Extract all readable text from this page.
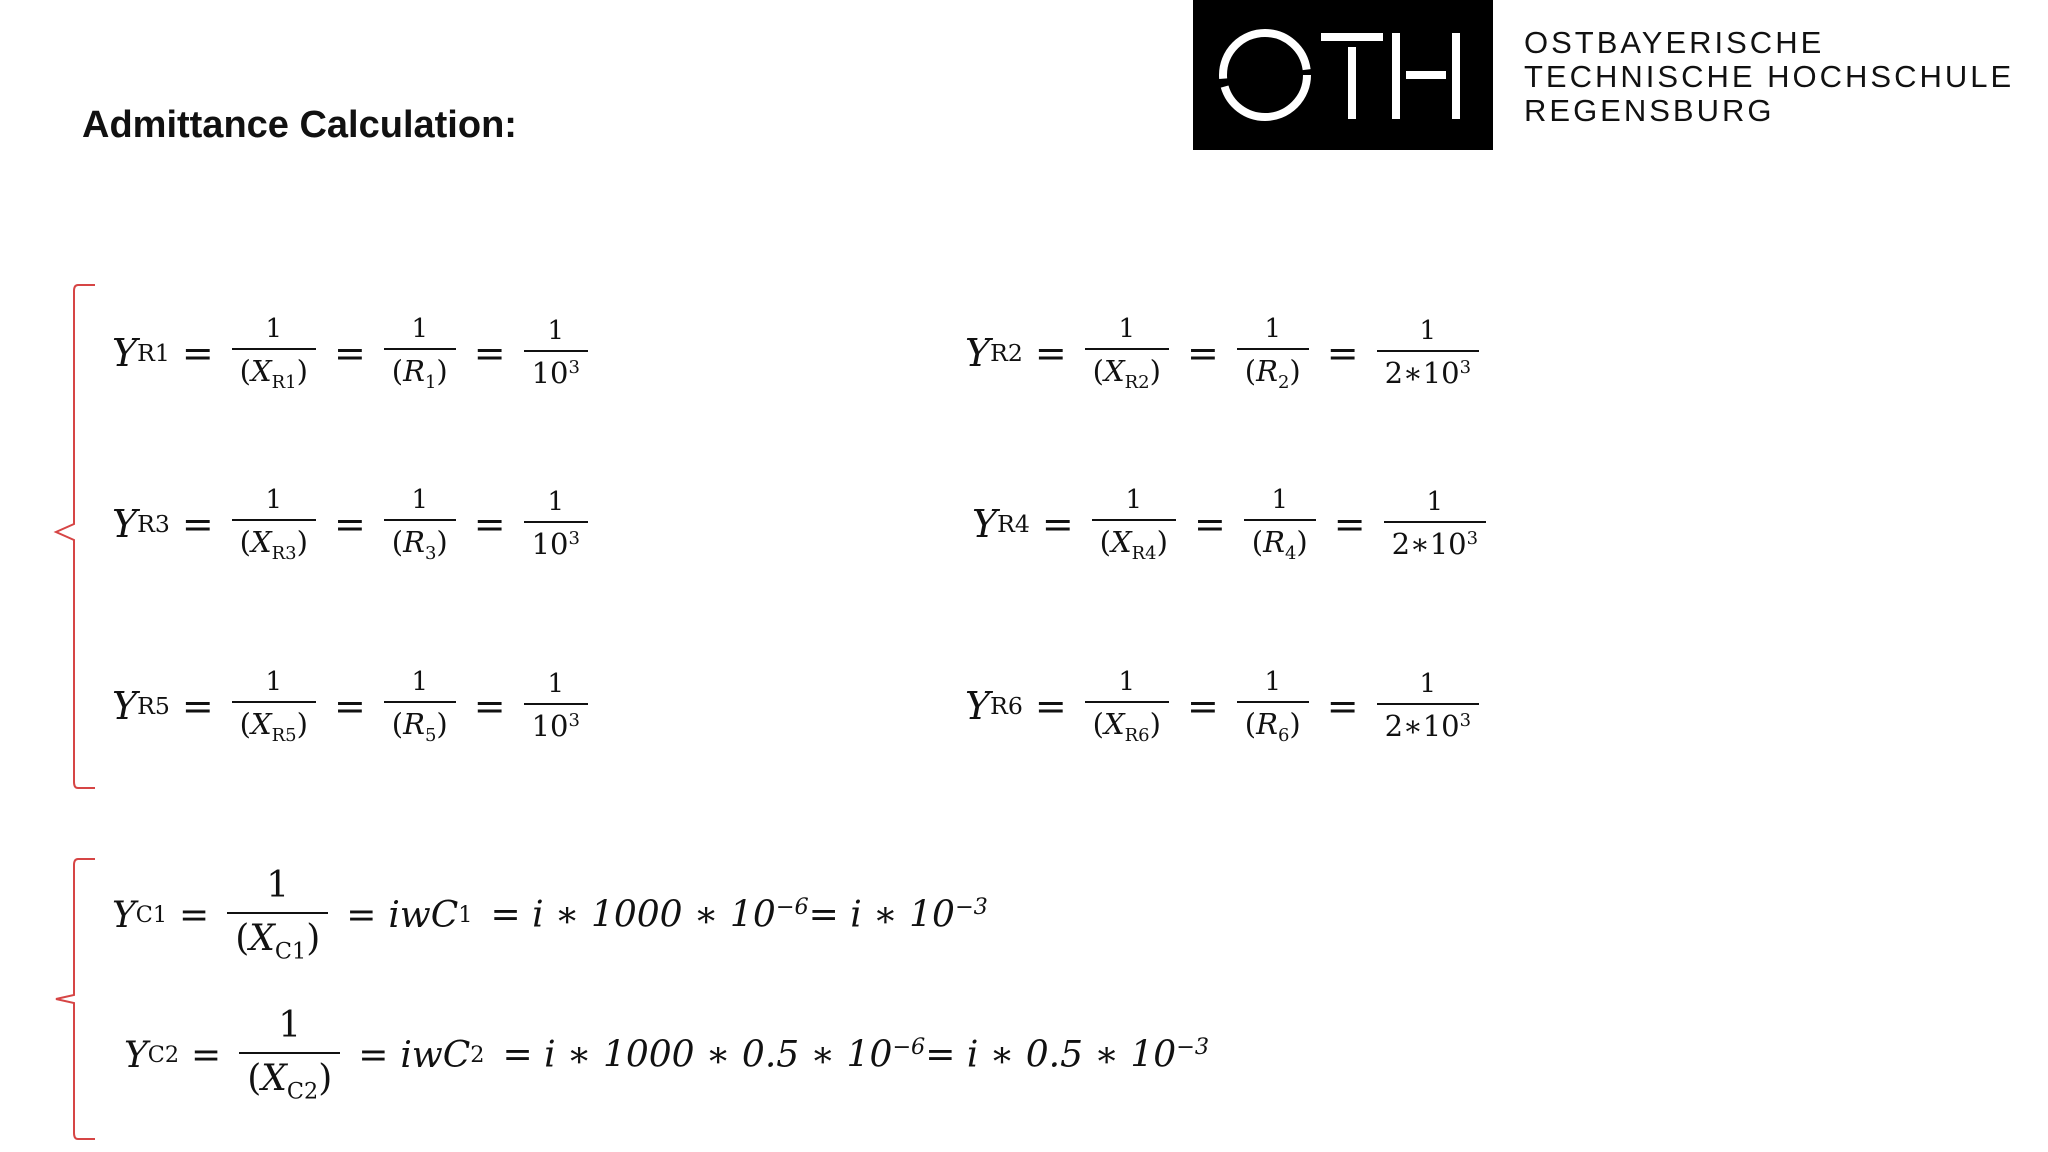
Admittance Calculation:
OSTBAYERISCHE
TECHNISCHE HOCHSCHULE
REGENSBURG
Y $R1 = \frac{1}{(X_{R1})} = \frac{1}{(R_1)} = \frac{1}{10^3}$	Y $R2 = \frac{1}{(X_{R2})} = \frac{1}{(R_2)} = \frac{1}{2∗10^3}$
Y $R3 = \frac{1}{(X_{R3})} = \frac{1}{(R_3)} = \frac{1}{10^3}$	Y $R4 = \frac{1}{(X_{R4})} = \frac{1}{(R_4)} = \frac{1}{2∗10^3}$
Y $R5 = \frac{1}{(X_{R5})} = \frac{1}{(R_5)} = \frac{1}{10^3}$	Y $R6 = \frac{1}{(X_{R6})} = \frac{1}{(R_6)} = \frac{1}{2∗10^3}$
Y $C1 = \frac{1}{(X_{C1})}$ = iwC 1 = i ∗ 1000 ∗ $10^{-6}= i$ ∗ $10^{-3}$
Y $C2 = \frac{1}{(X_{C2})}$ = iwC 2 = i ∗ 1000 ∗ 0.5 ∗ $10^{-6}= i$ ∗ 0.5 ∗ $10^{-3}$
